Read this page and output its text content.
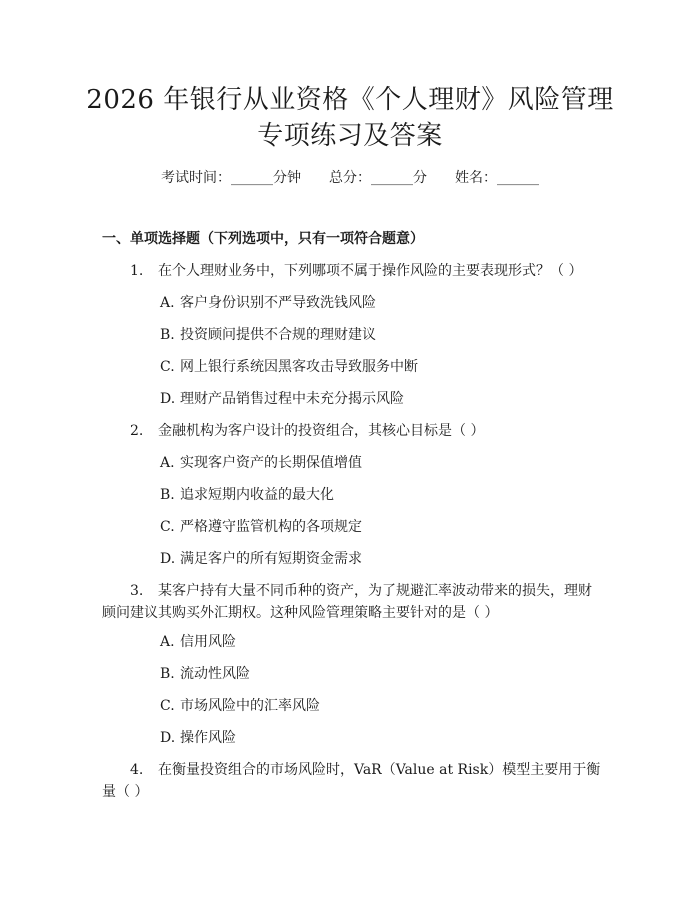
2026 年银行从业资格《个人理财》风险管理
专项练习及答案
考试时间：______分钟 总分：______分 姓名：______
一、单项选择题（下列选项中，只有一项符合题意）
1. 在个人理财业务中，下列哪项不属于操作风险的主要表现形式？（ ）
A. 客户身份识别不严导致洗钱风险
B. 投资顾问提供不合规的理财建议
C. 网上银行系统因黑客攻击导致服务中断
D. 理财产品销售过程中未充分揭示风险
2. 金融机构为客户设计的投资组合，其核心目标是（ ）
A. 实现客户资产的长期保值增值
B. 追求短期内收益的最大化
C. 严格遵守监管机构的各项规定
D. 满足客户的所有短期资金需求
3. 某客户持有大量不同币种的资产，为了规避汇率波动带来的损失，理财顾问建议其购买外汇期权。这种风险管理策略主要针对的是（ ）
A. 信用风险
B. 流动性风险
C. 市场风险中的汇率风险
D. 操作风险
4. 在衡量投资组合的市场风险时，VaR（Value at Risk）模型主要用于衡量（ ）
